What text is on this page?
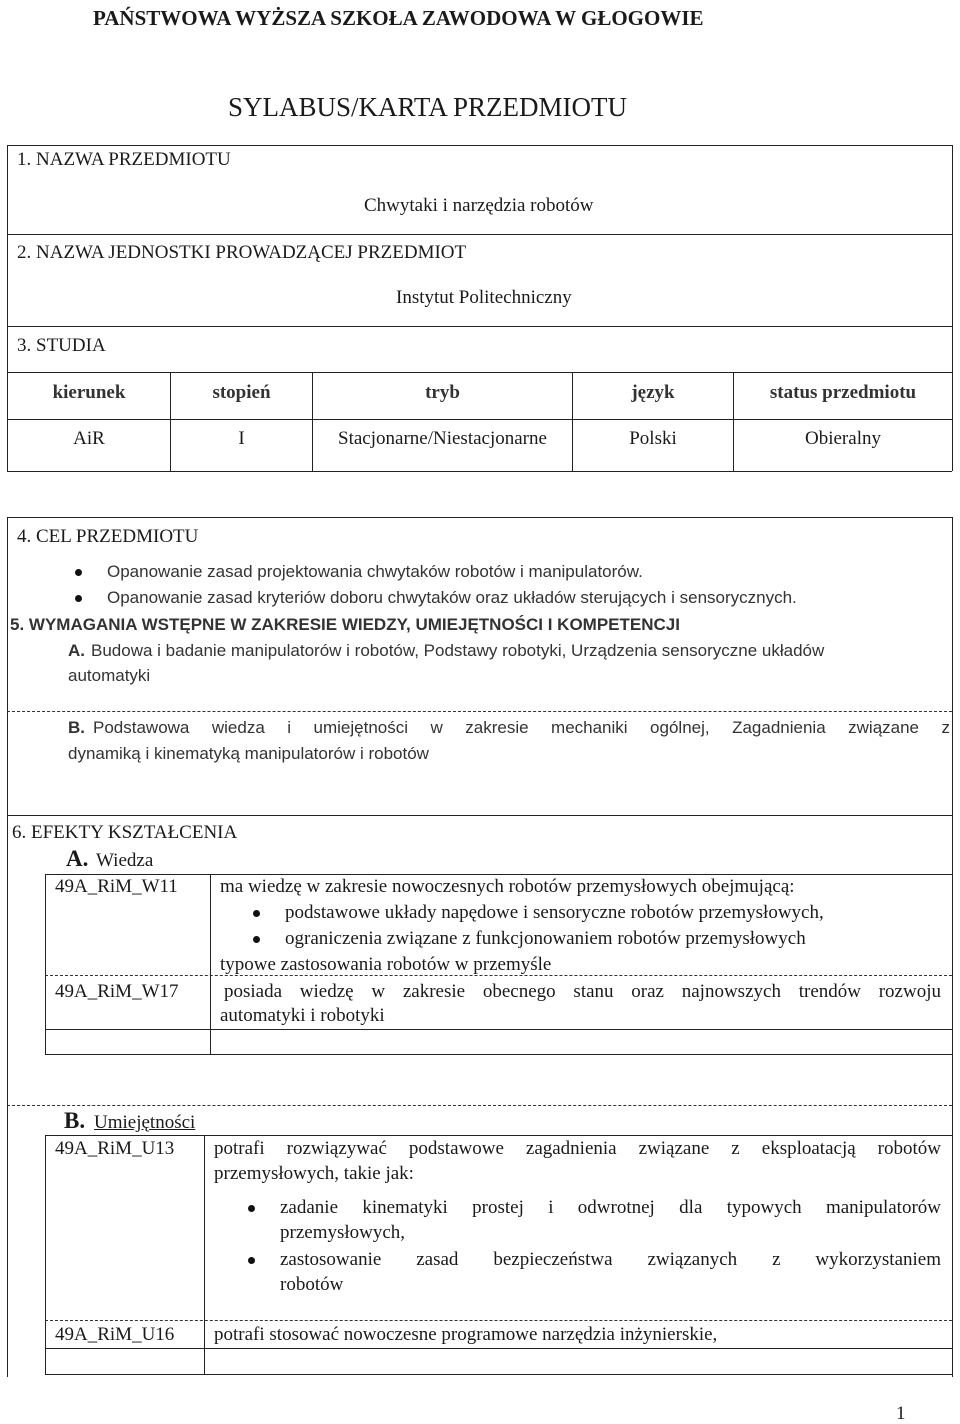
PAŃSTWOWA WYŻSZA SZKOŁA ZAWODOWA W GŁOGOWIE
SYLABUS/KARTA PRZEDMIOTU
1. NAZWA PRZEDMIOTU
Chwytaki i narzędzia robotów
2. NAZWA JEDNOSTKI PROWADZĄCEJ PRZEDMIOT
Instytut Politechniczny
3. STUDIA
kierunek	stopień	tryb	język	status przedmiotu
AiR	I	Stacjonarne/Niestacjonarne	Polski	Obieralny
4. CEL PRZEDMIOTU
Opanowanie zasad projektowania chwytaków robotów i manipulatorów.
Opanowanie zasad kryteriów doboru chwytaków oraz układów sterujących i sensorycznych.
5. WYMAGANIA WSTĘPNE W ZAKRESIE WIEDZY, UMIEJĘTNOŚCI I KOMPETENCJI
A. Budowa i badanie manipulatorów i robotów, Podstawy robotyki, Urządzenia sensoryczne układów
automatyki
B. Podstawowa wiedza i umiejętności w zakresie mechaniki ogólnej, Zagadnienia związane z
dynamiką i kinematyką manipulatorów i robotów
6. EFEKTY KSZTAŁCENIA
A. Wiedza
49A_RiM_W11 ma wiedzę w zakresie nowoczesnych robotów przemysłowych obejmującą:
podstawowe układy napędowe i sensoryczne robotów przemysłowych,
ograniczenia związane z funkcjonowaniem robotów przemysłowych
typowe zastosowania robotów w przemyśle
49A_RiM_W17 posiada wiedzę w zakresie obecnego stanu oraz najnowszych trendów rozwoju
automatyki i robotyki
B. Umiejętności
49A_RiM_U13 potrafi rozwiązywać podstawowe zagadnienia związane z eksploatacją robotów
przemysłowych, takie jak:
zadanie kinematyki prostej i odwrotnej dla typowych manipulatorów
przemysłowych,
zastosowanie zasad bezpieczeństwa związanych z wykorzystaniem
robotów
49A_RiM_U16 potrafi stosować nowoczesne programowe narzędzia inżynierskie,
1
